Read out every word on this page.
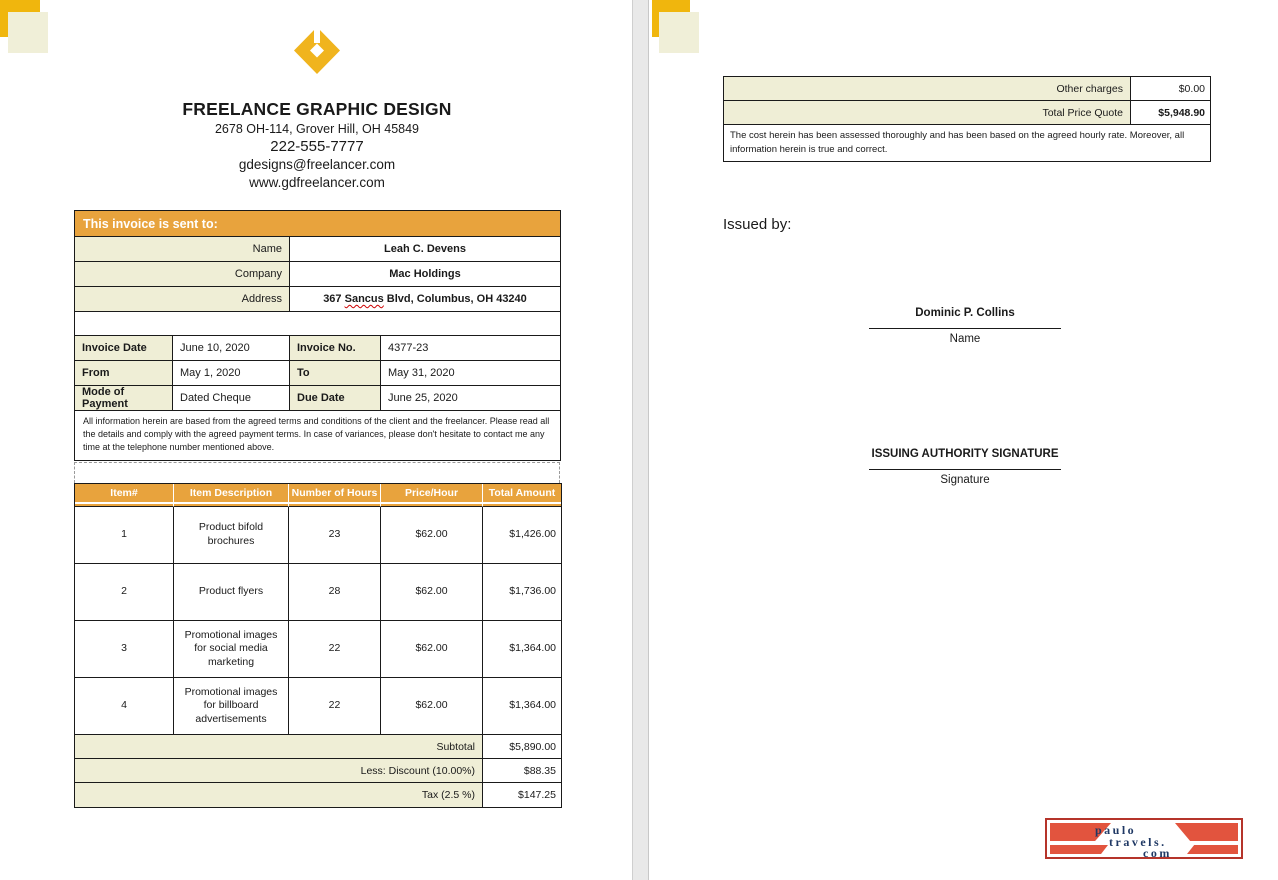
FREELANCE GRAPHIC DESIGN
2678 OH-114, Grover Hill, OH 45849
222-555-7777
gdesigns@freelancer.com
www.gdfreelancer.com
This invoice is sent to:	
Name	Leah C. Devens
Company	Mac Holdings
Address	367 Sancus Blvd, Columbus, OH 43240

Invoice Date	June 10, 2020	Invoice No.	4377-23
From	May 1, 2020	To	May 31, 2020
Mode of Payment	Dated Cheque	Due Date	June 25, 2020
All information herein are based from the agreed terms and conditions of the client and the freelancer. Please read all the details and comply with the agreed payment terms. In case of variances, please don't hesitate to contact me any time at the telephone number mentioned above.			
Item#	Item Description	Number of Hours	Price/Hour	Total Amount

1	Product bifold brochures	23	$62.00	$1,426.00
2	Product flyers	28	$62.00	$1,736.00
3	Promotional images for social media marketing	22	$62.00	$1,364.00
4	Promotional images for billboard advertisements	22	$62.00	$1,364.00
Subtotal				$5,890.00
Less: Discount (10.00%)				$88.35
Tax (2.5 %)				$147.25
Other charges	$0.00
Total Price Quote	$5,948.90
The cost herein has been assessed thoroughly and has been based on the agreed hourly rate. Moreover, all information herein is true and correct.	
Issued by:
Dominic P. Collins
Name
ISSUING AUTHORITY SIGNATURE
Signature
paulo
travels.
com
